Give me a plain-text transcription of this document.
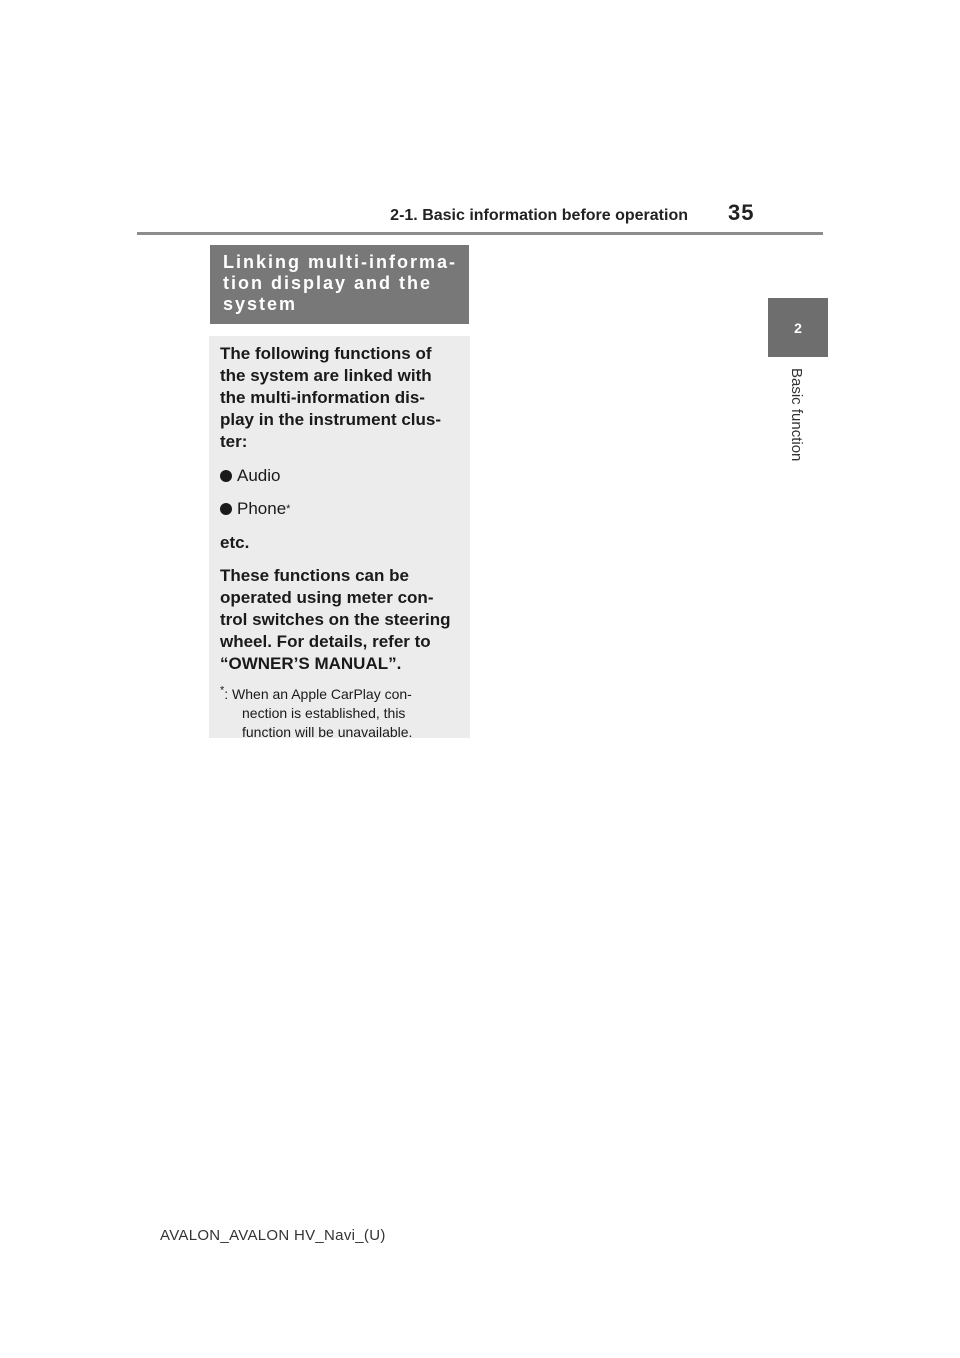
2-1. Basic information before operation 35
2
Basic function
Linking multi-informa-
tion display and the
system

The following functions of
the system are linked with
the multi-information dis-
play in the instrument clus-
ter:

Audio

Phone *

etc.

These functions can be
operated using meter con-
trol switches on the steering
wheel. For details, refer to
“OWNER’S MANUAL”.

*: When an Apple CarPlay con-
nection is established, this
function will be unavailable.
AVALON_AVALON HV_Navi_(U)
